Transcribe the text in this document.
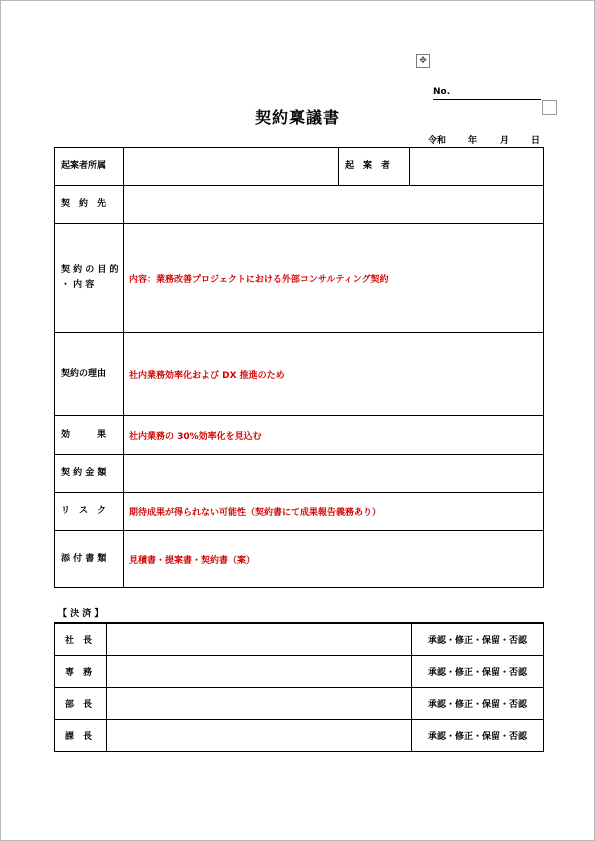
✥
No.
契約稟議書
令和 年	月 日
起案者所属		起　案　者	
契　約　先			
契 約 の 目 的 ・ 内 容	内容：業務改善プロジェクトにおける外部コンサルティング契約		
契約の理由	社内業務効率化および DX 推進のため		
効　　　果	社内業務の 30%効率化を見込む		
契 約 金 額			
リ　ス　ク	期待成果が得られない可能性（契約書にて成果報告義務あり）		
添 付 書 類	見積書・提案書・契約書（案）		
【 決 済 】
社　長		承認・修正・保留・否認
専　務		承認・修正・保留・否認
部　長		承認・修正・保留・否認
課　長		承認・修正・保留・否認
